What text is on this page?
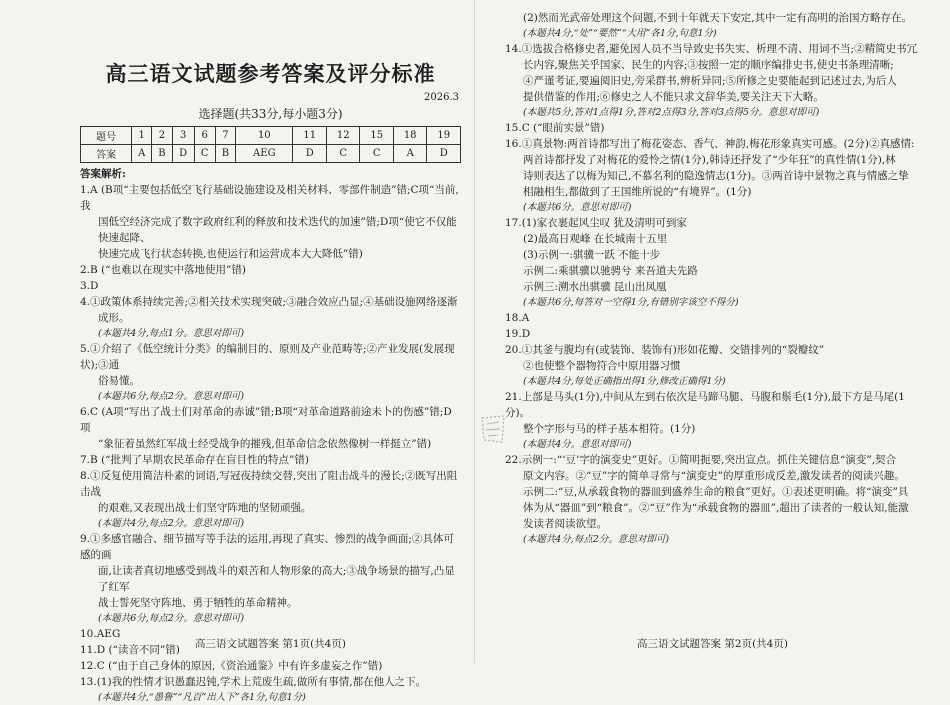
高三语文试题参考答案及评分标准
2026.3
选择题(共33分,每小题3分)
题号	1	2	3	6	7	10	11	12	15	18	19
答案	A	B	D	C	B	AEG	D	C	C	A	D
答案解析:
1.A (B项“主要包括低空飞行基础设施建设及相关材料、零部件制造”错;C项“当前,我
国低空经济完成了数字政府红利的释放和技术迭代的加速”错;D项“使它不仅能快速起降、
快速完成飞行状态转换,也使运行和运营成本大大降低”错)
2.B (“也难以在现实中落地使用”错)
3.D
4.①政策体系持续完善;②相关技术实现突破;③融合效应凸显;④基础设施网络逐渐
成形。
(本题共4分,每点1分。意思对即可)
5.①介绍了《低空统计分类》的编制目的、原则及产业范畴等;②产业发展(发展现状);③通
俗易懂。
(本题共6分,每点2分。意思对即可)
6.C (A项“写出了战士们对革命的赤诚”错;B项“对革命道路前途未卜的伤感”错;D项
“象征着虽然红军战士经受战争的摧残,但革命信念依然像树一样挺立”错)
7.B (“批判了早期农民革命存在盲目性的特点”错)
8.①反复使用简洁朴素的词语,写冠夜持续交替,突出了阻击战斗的漫长;②既写出阻击战
的艰难,又表现出战士们坚守阵地的坚韧顽强。
(本题共4分,每点2分。意思对即可)
9.①多感官融合、细节描写等手法的运用,再现了真实、惨烈的战争画面;②具体可感的画
面,让读者真切地感受到战斗的艰苦和人物形象的高大;③战争场景的描写,凸显了红军
战士誓死坚守阵地、勇于牺牲的革命精神。
(本题共6分,每点2分。意思对即可)
10.AEG
11.D (“读音不同”错)
12.C (“由于自己身体的原因,《资治通鉴》中有许多虚妄之作”错)
13.(1)我的性情才识愚蠢迟钝,学术上荒废生疏,做所有事情,都在他人之下。
(本题共4分,“愚鲁”“凡百”出人下”各1分,句意1分)
(2)然而光武帝处理这个问题,不到十年就天下安定,其中一定有高明的治国方略存在。
(本题共4分,“处”“要然”“大用”各1分,句意1分)
14.①选拔合格修史者,避免因人员不当导致史书失实、析理不清、用词不当;②精简史书冗
长内容,聚焦关乎国家、民生的内容;③按照一定的顺序编排史书,使史书条理清晰;
④严谨考证,要遍阅旧史,旁采群书,辨析异同;⑤所修之史要能起到记述过去,为后人
提供借鉴的作用;⑥修史之人不能只求文辞华美,要关注天下大略。
(本题共5分,答对1点得1分,答对2点得3分,答对3点得5分。意思对即可)
15.C (“眼前实景”错)
16.①真景物:两首诗都写出了梅花姿态、香气、神韵,梅花形象真实可感。(2分)②真感情:
两首诗都抒发了对梅花的爱怜之情(1分),韩诗还抒发了“少年狂”的真性情(1分),林
诗则表达了以梅为知己,不慕名利的隐逸情志(1分)。③两首诗中景物之真与情感之挚
相融相生,都做到了王国维所说的“有境界”。(1分)
(本题共6分。意思对即可)
17.(1)家衣裹起风尘叹 犹及清明可到家
(2)最高日观峰 在长城南十五里
(3)示例一:骐骥一跃 不能十步
示例二:乘骐骥以驰骋兮 来吾道夫先路
示例三:溯水出骐骥 昆山出凤凰
(本题共6分,每答对一空得1分,有错别字该空不得分)
18.A
19.D
20.①其釜与腹均有(或装饰、装饰有)形如花瓣、交错排列的“裂瓣纹”
②也使整个器物符合中原用器习惯
(本题共4分,每处正确指出得1分,修改正确得1分)
21.上部是马头(1分),中间从左到右依次是马蹄马腿、马腹和鬃毛(1分),最下方是马尾(1分)。
整个字形与马的样子基本相符。(1分)
(本题共4分。意思对即可)
22.示例一:“‘豆’字的演变史”更好。①简明扼要,突出宣点。抓住关键信息“演变”,契合
原文内容。②“豆”字的简单寻常与“演变史”的厚重形成反差,激发读者的阅读兴趣。
示例二:“豆,从承载食物的器皿到盛养生命的粮食”更好。①表述更明确。将“演变”具
体为从“器皿”到“粮食”。②“豆”作为“承载食物的器皿”,超出了读者的一般认知,能激
发读者阅读欲望。
(本题共4分,每点2分。意思对即可)
高三语文试题答案 第1页(共4页)	高三语文试题答案 第2页(共4页)
